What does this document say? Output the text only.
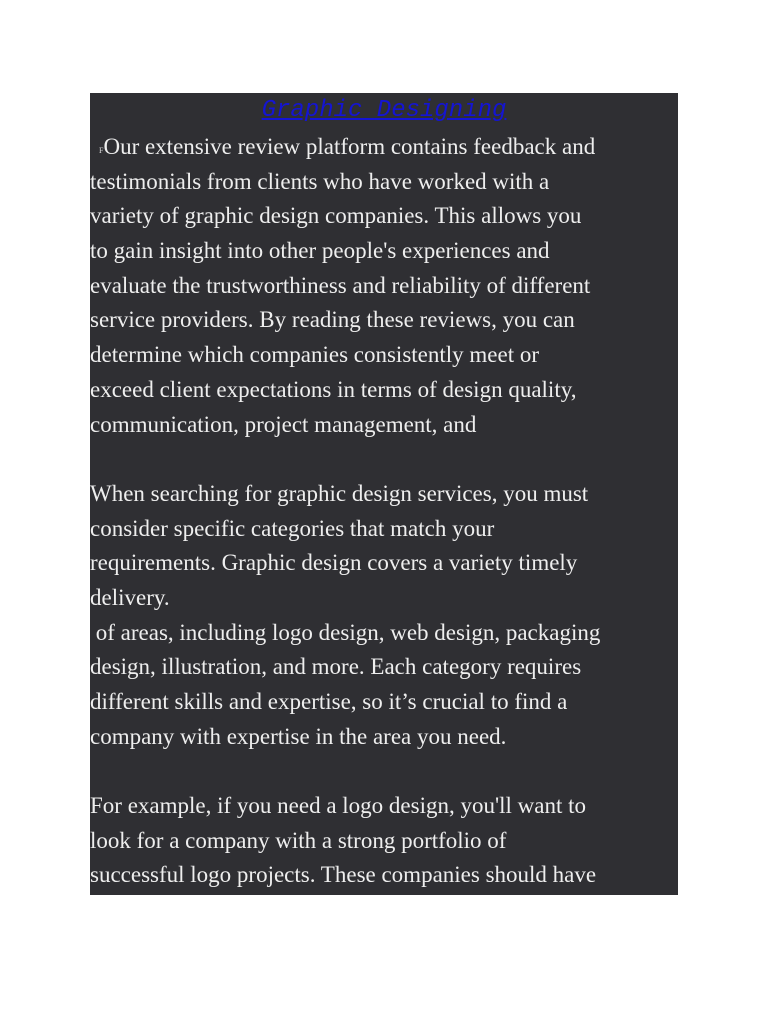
Graphic Designing
FOur extensive review platform contains feedback and
testimonials from clients who have worked with a
variety of graphic design companies. This allows you
to gain insight into other people's experiences and
evaluate the trustworthiness and reliability of different
service providers. By reading these reviews, you can
determine which companies consistently meet or
exceed client expectations in terms of design quality,
communication, project management, and
When searching for graphic design services, you must
consider specific categories that match your
requirements. Graphic design covers a variety timely
delivery.
of areas, including logo design, web design, packaging
design, illustration, and more. Each category requires
different skills and expertise, so it’s crucial to find a
company with expertise in the area you need.
For example, if you need a logo design, you'll want to
look for a company with a strong portfolio of
successful logo projects. These companies should have
